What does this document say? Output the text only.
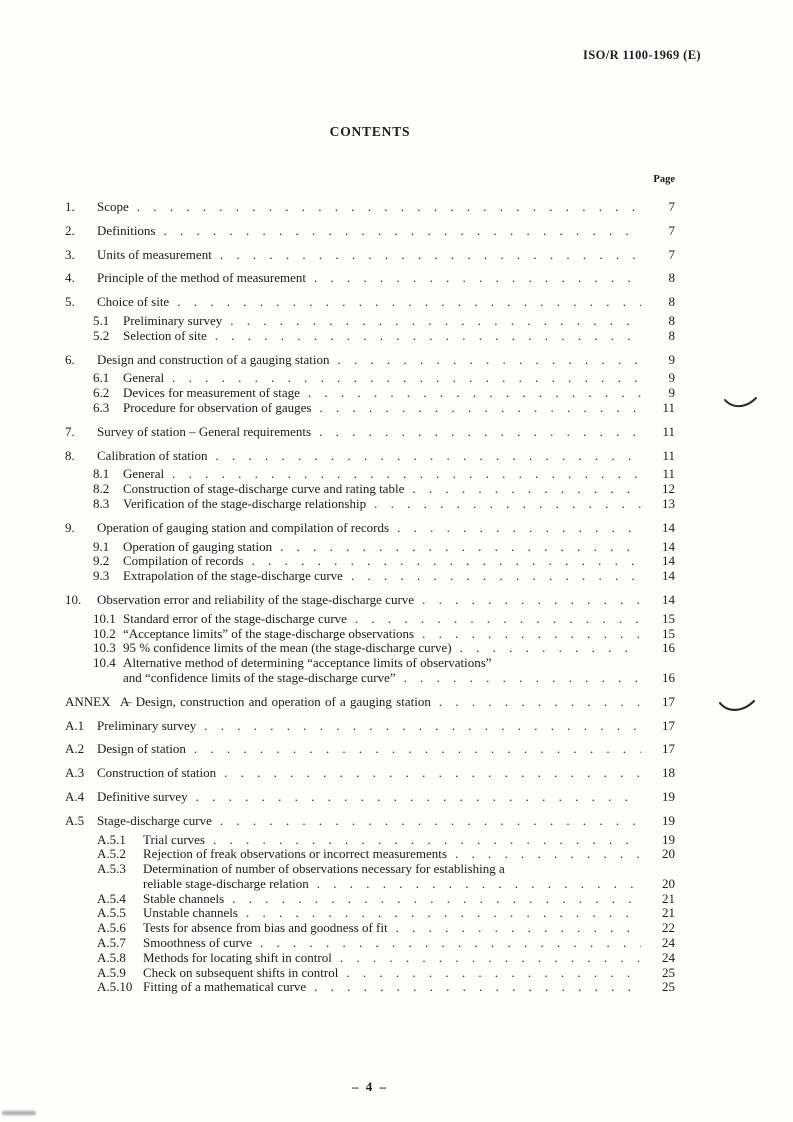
ISO/R 1100-1969 (E)
CONTENTS
Page
1.	Scope . . .	7
2.	Definitions . . .	7
3.	Units of measurement . . .	7
4.	Principle of the method of measurement . . .	8
5.	Choice of site . . .	8
5.1	Preliminary survey . . .	8
5.2	Selection of site . . .	8
6.	Design and construction of a gauging station . . .	9
6.1	General . . .	9
6.2	Devices for measurement of stage . . .	9
6.3	Procedure for observation of gauges . . .	11
7.	Survey of station – General requirements . . .	11
8.	Calibration of station . . .	11
8.1	General . . .	11
8.2	Construction of stage-discharge curve and rating table . . .	12
8.3	Verification of the stage-discharge relationship . . .	13
9.	Operation of gauging station and compilation of records . . .	14
9.1	Operation of gauging station . . .	14
9.2	Compilation of records . . .	14
9.3	Extrapolation of the stage-discharge curve . . .	14
10.	Observation error and reliability of the stage-discharge curve . . .	14
10.1 Standard error of the stage-discharge curve . . .	15
10.2 “Acceptance limits” of the stage-discharge observations . . .	15
10.3 95 % confidence limits of the mean (the stage-discharge curve) . . .	16
10.4 Alternative method of determining “acceptance limits of observations”
and “confidence limits of the stage-discharge curve” . . .	16
ANNEX A
– Design, construction and operation of a gauging station . . .	17
A.1 Preliminary survey . . .	17
A.2 Design of station . . .	17
A.3 Construction of station . . .	18
A.4 Definitive survey . . .	19
A.5 Stage-discharge curve . . .	19
A.5.1	Trial curves . . .	19
A.5.2	Rejection of freak observations or incorrect measurements . . .	20
A.5.3	Determination of number of observations necessary for establishing a
reliable stage-discharge relation . . .	20
A.5.4	Stable channels . . .	21
A.5.5	Unstable channels . . .	21
A.5.6	Tests for absence from bias and goodness of fit . . .	22
A.5.7	Smoothness of curve . . .	24
A.5.8	Methods for locating shift in control . . .	24
A.5.9	Check on subsequent shifts in control . . .	25
A.5.10 Fitting of a mathematical curve . . .	25
– 4 –
